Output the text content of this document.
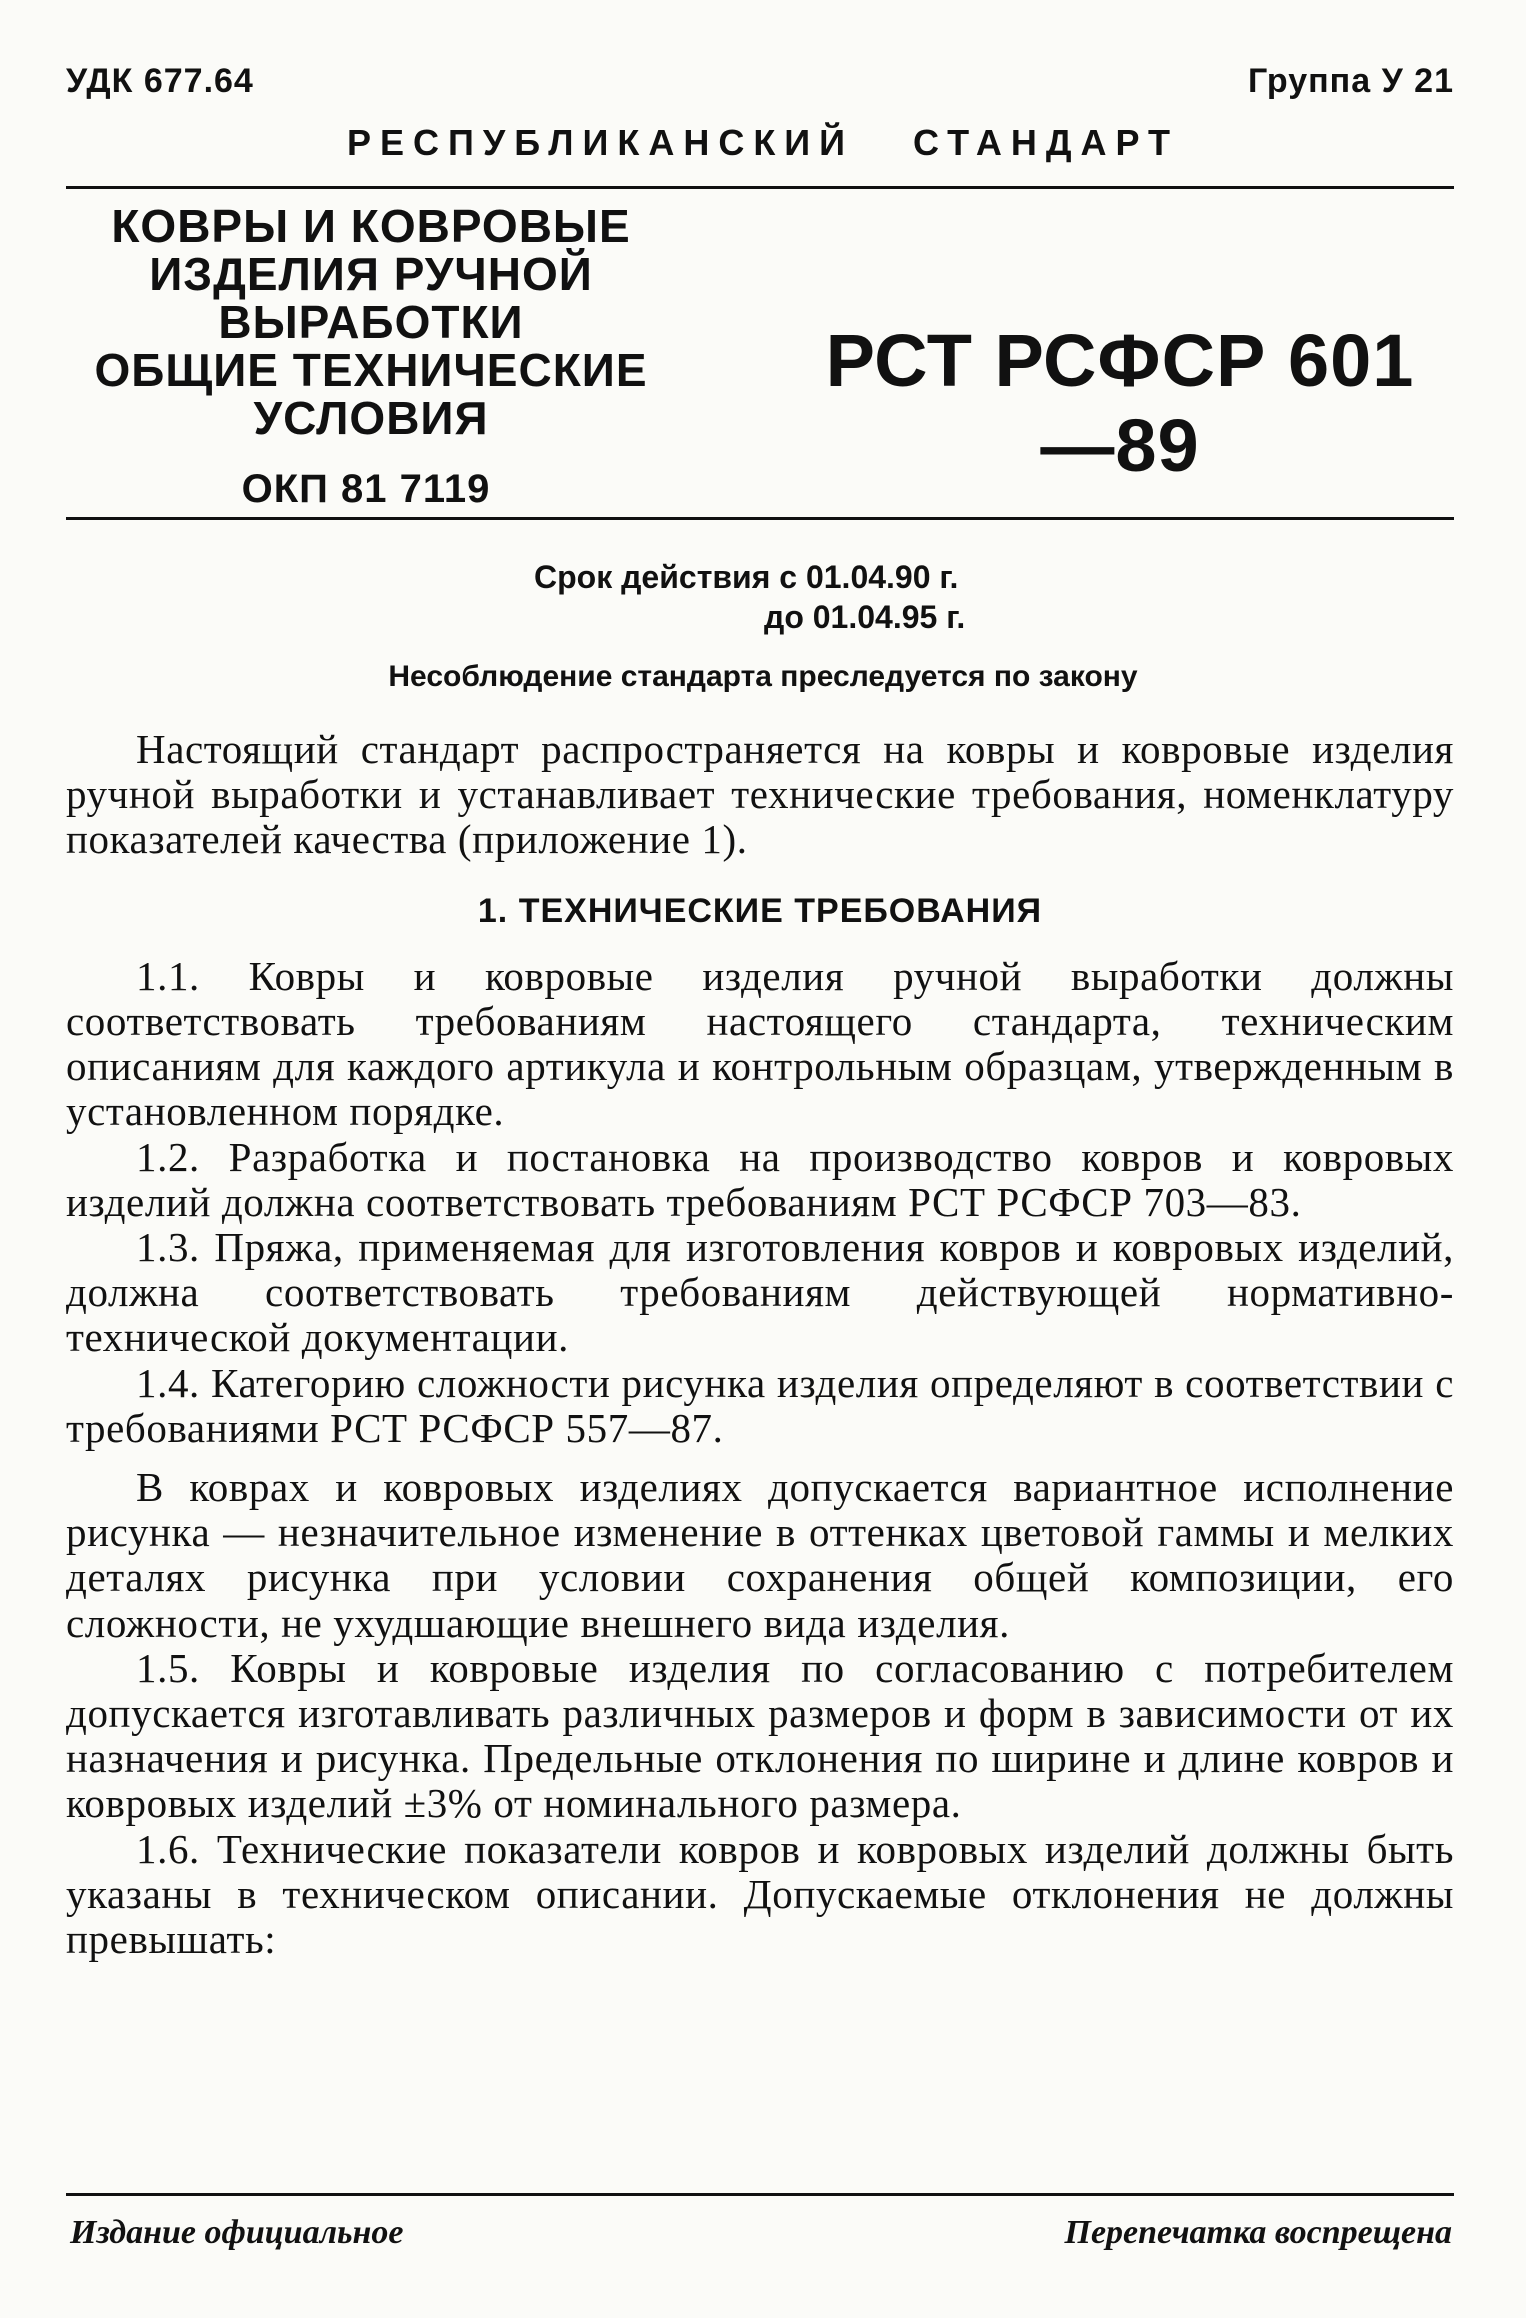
УДК 677.64	Группа У 21
РЕСПУБЛИКАНСКИЙ СТАНДАРТ
КОВРЫ И КОВРОВЫЕ
ИЗДЕЛИЯ РУЧНОЙ
ВЫРАБОТКИ
ОБЩИЕ ТЕХНИЧЕСКИЕ
УСЛОВИЯ
ОКП 81 7119
РСТ РСФСР 601—89
Срок действия с 01.04.90 г.
до 01.04.95 г.
Несоблюдение стандарта преследуется по закону

Настоящий стандарт распространяется на ковры и ковровые изделия ручной выработки и устанавливает технические требования, номенклатуру показателей качества (приложение 1).

1. ТЕХНИЧЕСКИЕ ТРЕБОВАНИЯ

1.1. Ковры и ковровые изделия ручной выработки должны соответствовать требованиям настоящего стандарта, техническим описаниям для каждого артикула и контрольным образцам, утвержденным в установленном порядке.

1.2. Разработка и постановка на производство ковров и ковровых изделий должна соответствовать требованиям РСТ РСФСР 703—83.

1.3. Пряжа, применяемая для изготовления ковров и ковровых изделий, должна соответствовать требованиям действующей нормативно-технической документации.

1.4. Категорию сложности рисунка изделия определяют в соответствии с требованиями РСТ РСФСР 557—87.

В коврах и ковровых изделиях допускается вариантное исполнение рисунка — незначительное изменение в оттенках цветовой гаммы и мелких деталях рисунка при условии сохранения общей композиции, его сложности, не ухудшающие внешнего вида изделия.

1.5. Ковры и ковровые изделия по согласованию с потребителем допускается изготавливать различных размеров и форм в зависимости от их назначения и рисунка. Предельные отклонения по ширине и длине ковров и ковровых изделий ±3% от номинального размера.

1.6. Технические показатели ковров и ковровых изделий должны быть указаны в техническом описании. Допускаемые отклонения не должны превышать:

Издание официальное	Перепечатка воспрещена
